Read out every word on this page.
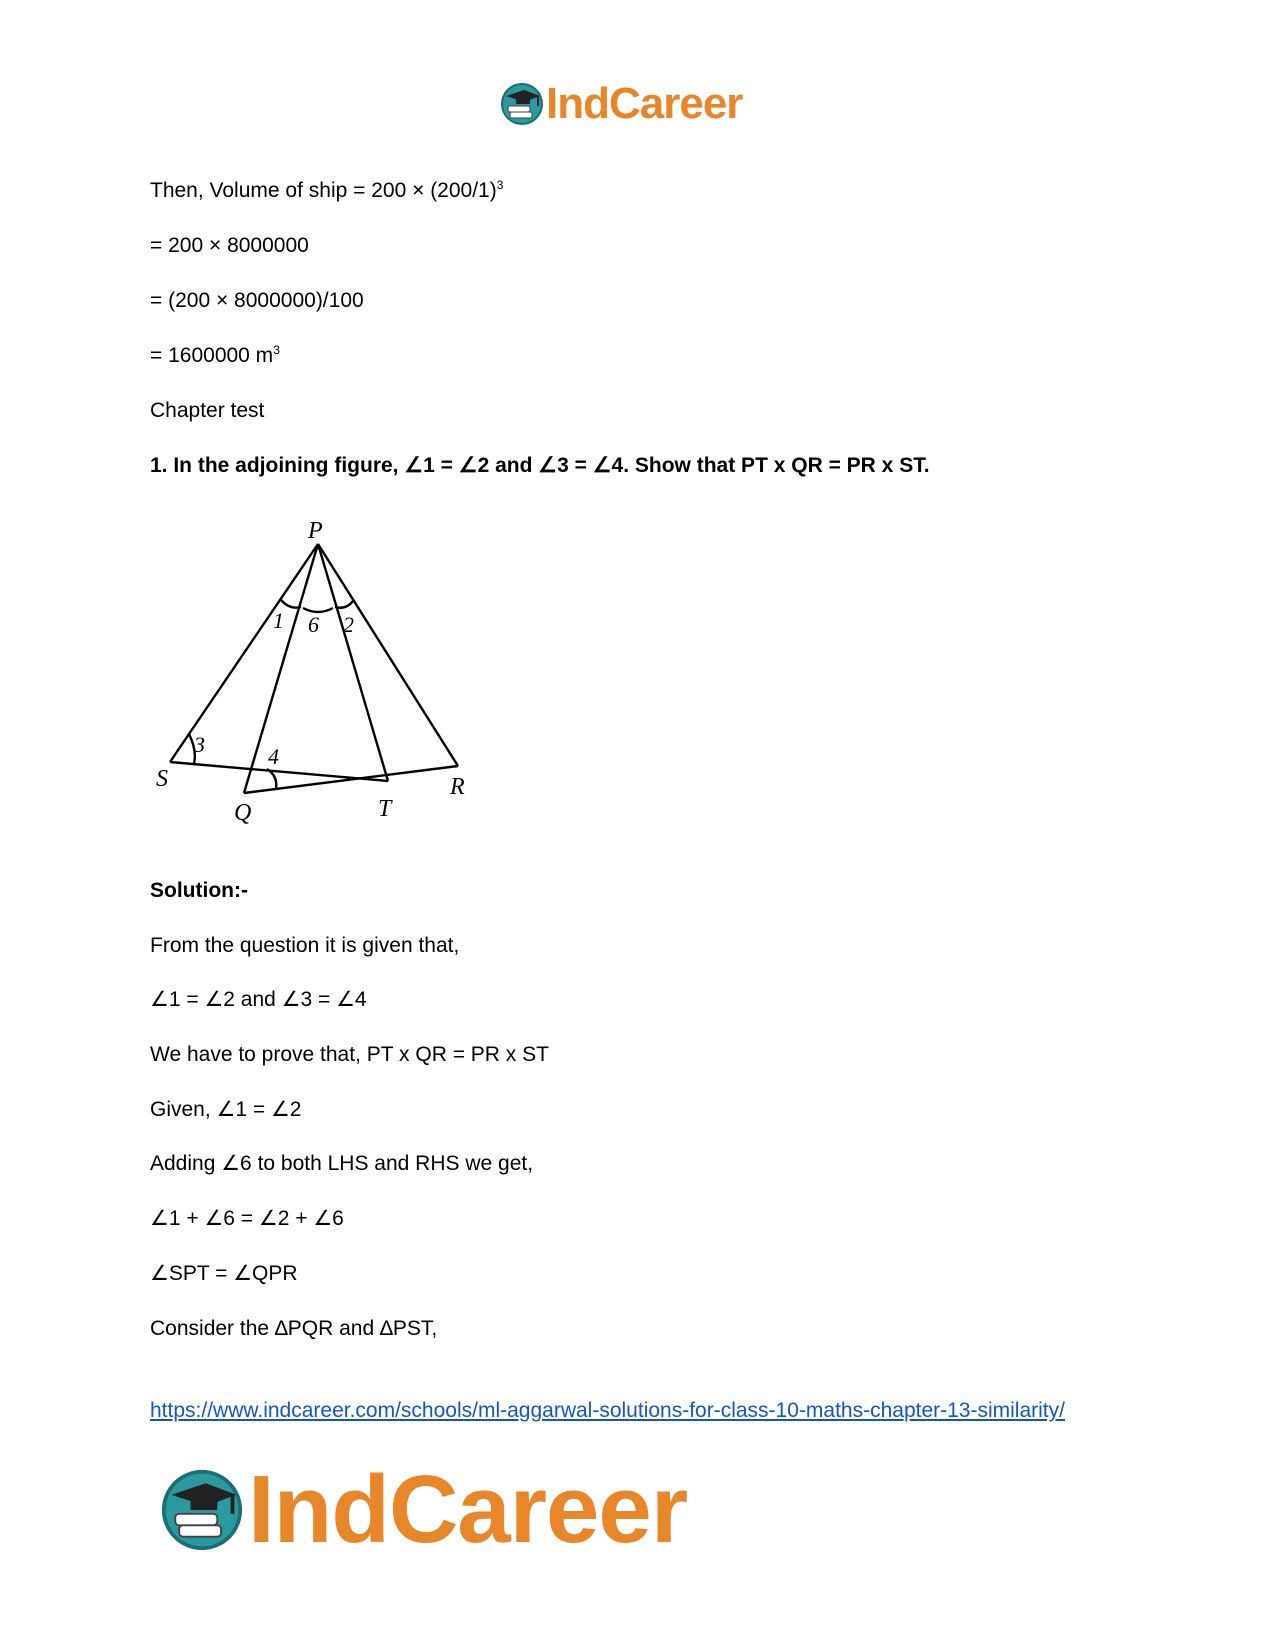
IndCareer
Then, Volume of ship = $200 \times (200/1)^3$
= 200 × 8000000
= (200 × 8000000)/100
= 1600000 $m^3$
Chapter test
1. In the adjoining figure, ∠1 = ∠2 and ∠3 = ∠4. Show that PT x QR = PR x ST.
P
S
Q	T
R
1 6 2
3	4
Solution:-
From the question it is given that,
∠1 = ∠2 and ∠3 = ∠4
We have to prove that, PT x QR = PR x ST
Given, ∠1 = ∠2
Adding ∠6 to both LHS and RHS we get,
∠1 + ∠6 = ∠2 + ∠6
∠SPT = ∠QPR
Consider the ∆PQR and ∆PST,
https://www.indcareer.com/schools/ml-aggarwal-solutions-for-class-10-maths-chapter-13-similarity/
IndCareer
